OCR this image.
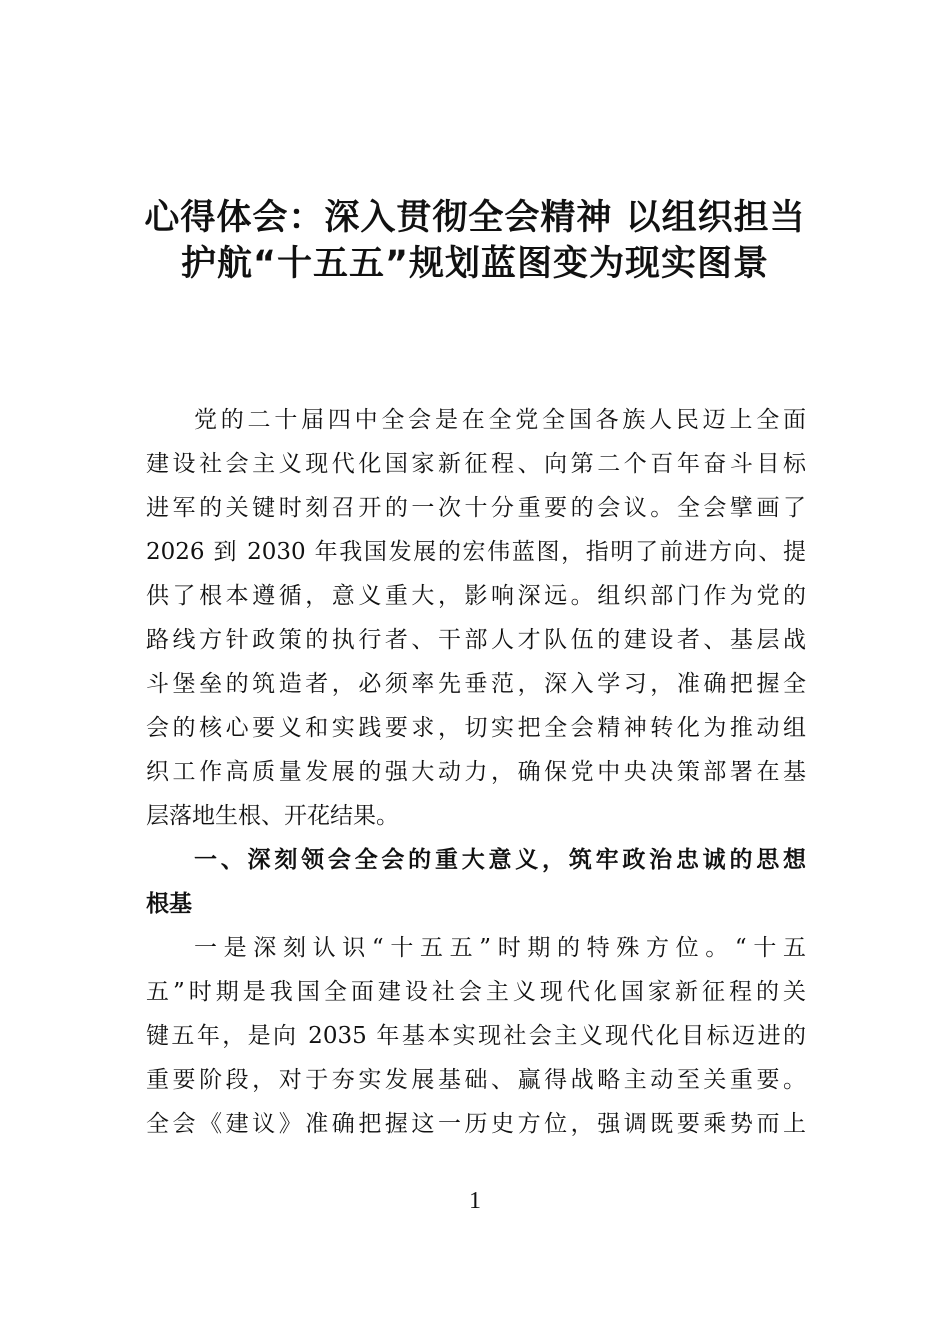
心得体会：深入贯彻全会精神 以组织担当
护航“十五五”规划蓝图变为现实图景
党的二十届四中全会是在全党全国各族人民迈上全面
建设社会主义现代化国家新征程、向第二个百年奋斗目标
进军的关键时刻召开的一次十分重要的会议。全会擘画了
2026 到 2030 年我国发展的宏伟蓝图，指明了前进方向、提
供了根本遵循，意义重大，影响深远。组织部门作为党的
路线方针政策的执行者、干部人才队伍的建设者、基层战
斗堡垒的筑造者，必须率先垂范，深入学习，准确把握全
会的核心要义和实践要求，切实把全会精神转化为推动组
织工作高质量发展的强大动力，确保党中央决策部署在基
层落地生根、开花结果。
一、深刻领会全会的重大意义，筑牢政治忠诚的思想
根基
一是深刻认识“十五五”时期的特殊方位。“十五
五”时期是我国全面建设社会主义现代化国家新征程的关
键五年，是向 2035 年基本实现社会主义现代化目标迈进的
重要阶段，对于夯实发展基础、赢得战略主动至关重要。
全会《建议》准确把握这一历史方位，强调既要乘势而上
1
